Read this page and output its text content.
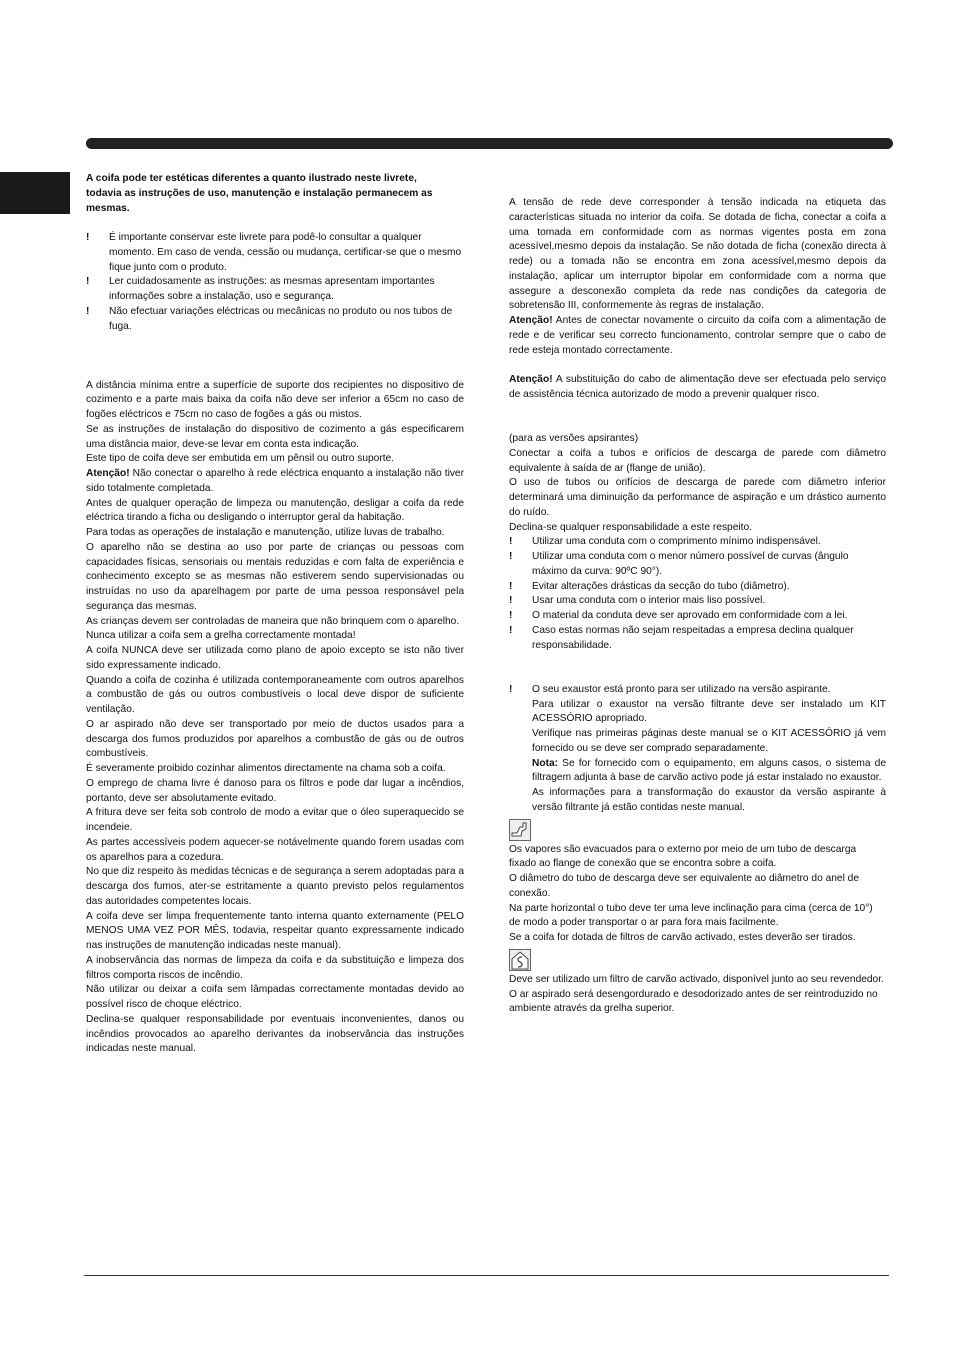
A coifa pode ter estéticas diferentes a quanto ilustrado neste livrete, todavia as instruções de uso, manutenção e instalação permanecem as mesmas.

!	É importante conservar este livrete para podê-lo consultar a qualquer momento. Em caso de venda, cessão ou mudança, certificar-se que o mesmo fique junto com o produto.
!	Ler cuidadosamente as instruções: as mesmas apresentam importantes informações sobre a instalação, uso e segurança.
!	Não efectuar variações eléctricas ou mecânicas no produto ou nos tubos de fuga.

A distância mínima entre a superfície de suporte dos recipientes no dispositivo de cozimento e a parte mais baixa da coifa não deve ser inferior a 65cm no caso de fogões eléctricos e 75cm no caso de fogões a gás ou mistos.

Se as instruções de instalação do dispositivo de cozimento a gás especificarem uma distância maior, deve-se levar em conta esta indicação.

Este tipo de coifa deve ser embutida em um pênsil ou outro suporte.

Atenção! Não conectar o aparelho à rede eléctrica enquanto a instalação não tiver sido totalmente completada.

Antes de qualquer operação de limpeza ou manutenção, desligar a coifa da rede eléctrica tirando a ficha ou desligando o interruptor geral da habitação.

Para todas as operações de instalação e manutenção, utilize luvas de trabalho.

O aparelho não se destina ao uso por parte de crianças ou pessoas com capacidades físicas, sensoriais ou mentais reduzidas e com falta de experiência e conhecimento excepto se as mesmas não estiverem sendo supervisionadas ou instruídas no uso da aparelhagem por parte de uma pessoa responsável pela segurança das mesmas.

As crianças devem ser controladas de maneira que não brinquem com o aparelho.

Nunca utilizar a coifa sem a grelha correctamente montada!

A coifa NUNCA deve ser utilizada como plano de apoio excepto se isto não tiver sido expressamente indicado.

Quando a coifa de cozinha é utilizada contemporaneamente com outros aparelhos a combustão de gás ou outros combustíveis o local deve dispor de suficiente ventilação.

O ar aspirado não deve ser transportado por meio de ductos usados para a descarga dos fumos produzidos por aparelhos a combustão de gás ou de outros combustíveis.

É severamente proibido cozinhar alimentos directamente na chama sob a coifa.

O emprego de chama livre é danoso para os filtros e pode dar lugar a incêndios, portanto, deve ser absolutamente evitado.

A fritura deve ser feita sob controlo de modo a evitar que o óleo superaquecido se incendeie.

As partes accessíveis podem aquecer-se notávelmente quando forem usadas com os aparelhos para a cozedura.

No que diz respeito às medidas técnicas e de segurança a serem adoptadas para a descarga dos fumos, ater-se estritamente a quanto previsto pelos regulamentos das autoridades competentes locais.

A coifa deve ser limpa frequentemente tanto interna quanto externamente (PELO MENOS UMA VEZ POR MÊS, todavia, respeitar quanto expressamente indicado nas instruções de manutenção indicadas neste manual).

A inobservância das normas de limpeza da coifa e da substituição e limpeza dos filtros comporta riscos de incêndio.

Não utilizar ou deixar a coifa sem lâmpadas correctamente montadas devido ao possível risco de choque eléctrico.

Declina-se qualquer responsabilidade por eventuais inconvenientes, danos ou incêndios provocados ao aparelho derivantes da inobservância das instruções indicadas neste manual.

A tensão de rede deve corresponder à tensão indicada na etiqueta das características situada no interior da coifa. Se dotada de ficha, conectar a coifa a uma tomada em conformidade com as normas vigentes posta em zona acessível,mesmo depois da instalação. Se não dotada de ficha (conexão directa à rede) ou a tomada não se encontra em zona acessível,mesmo depois da instalação, aplicar um interruptor bipolar em conformidade com a norma que assegure a desconexão completa da rede nas condições da categoria de sobretensão III, conformemente às regras de instalação.

Atenção! Antes de conectar novamente o circuito da coifa com a alimentação de rede e de verificar seu correcto funcionamento, controlar sempre que o cabo de rede esteja montado correctamente.

Atenção! A substituição do cabo de alimentação deve ser efectuada pelo serviço de assistência técnica autorizado de modo a prevenir qualquer risco.

(para as versões apsirantes)

Conectar a coifa a tubos e orifícios de descarga de parede com diâmetro equivalente à saída de ar (flange de união).

O uso de tubos ou orifícios de descarga de parede com diâmetro inferior determinará uma diminuição da performance de aspiração e um drástico aumento do ruído.

Declina-se qualquer responsabilidade a este respeito.

!	Utilizar uma conduta com o comprimento mínimo indispensável.
!	Utilizar uma conduta com o menor número possível de curvas (ângulo máximo da curva: 90ºC 90°).
!	Evitar alterações drásticas da secção do tubo (diâmetro).
!	Usar uma conduta com o interior mais liso possível.
!	O material da conduta deve ser aprovado em conformidade com a lei.
!	Caso estas normas não sejam respeitadas a empresa declina qualquer responsabilidade.
!	O seu exaustor está pronto para ser utilizado na versão aspirante.

Para utilizar o exaustor na versão filtrante deve ser instalado um KIT ACESSÓRIO apropriado.

Verifique nas primeiras páginas deste manual se o KIT ACESSÓRIO já vem fornecido ou se deve ser comprado separadamente.

Nota: Se for fornecido com o equipamento, em alguns casos, o sistema de filtragem adjunta à base de carvão activo pode já estar instalado no exaustor.

As informações para a transformação do exaustor da versão aspirante à versão filtrante já estão contidas neste manual.

Os vapores são evacuados para o externo por meio de um tubo de descarga fixado ao flange de conexão que se encontra sobre a coifa.

O diâmetro do tubo de descarga deve ser equivalente ao diâmetro do anel de conexão.

Na parte horizontal o tubo deve ter uma leve inclinação para cima (cerca de 10°) de modo a poder transportar o ar para fora mais facilmente.

Se a coifa for dotada de filtros de carvão activado, estes deverão ser tirados.

Deve ser utilizado um filtro de carvão activado, disponível junto ao seu revendedor. O ar aspirado será desengordurado e desodorizado antes de ser reintroduzido no ambiente através da grelha superior.
